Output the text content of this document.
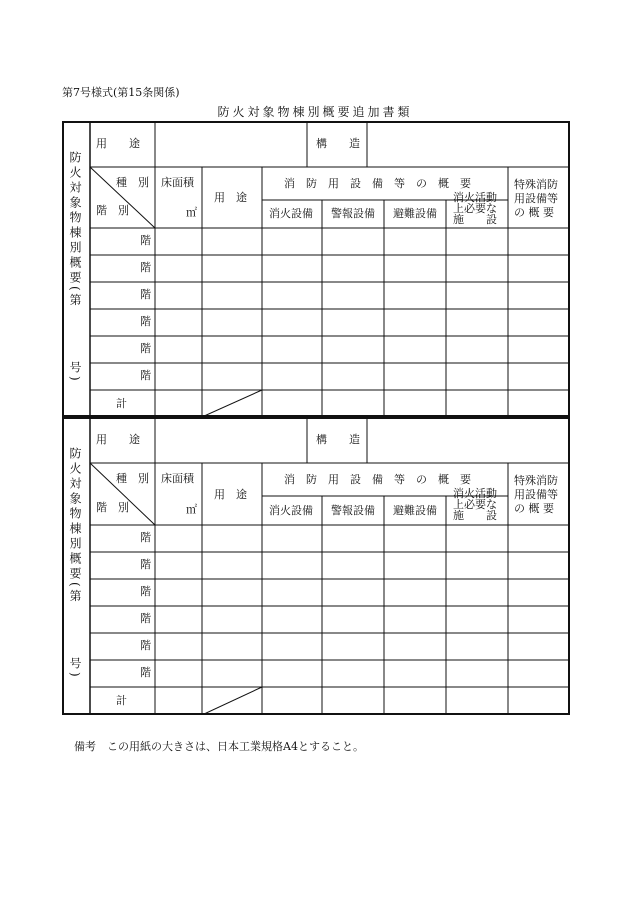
第7号様式(第15条関係)
防火対象物棟別概要追加書類
防火対象物棟別概要(第
号)
用　　途	構　　造
種　別
階　別
床面積
㎡
用　途
消　防　用　設　備　等　の　概　要
消火設備 警報設備 避難設備
消火活動上必要な施　　設
特殊消防用設備等の 概 要
階
階
階
階
階
階
計
防火対象物棟別概要(第
号)
用　　途	構　　造
種　別
階　別
床面積
㎡
用　途
消　防　用　設　備　等　の　概　要
消火設備 警報設備 避難設備
消火活動上必要な施　　設
特殊消防用設備等の 概 要
階
階
階
階
階
階
計
備考　この用紙の大きさは、日本工業規格A4とすること。
